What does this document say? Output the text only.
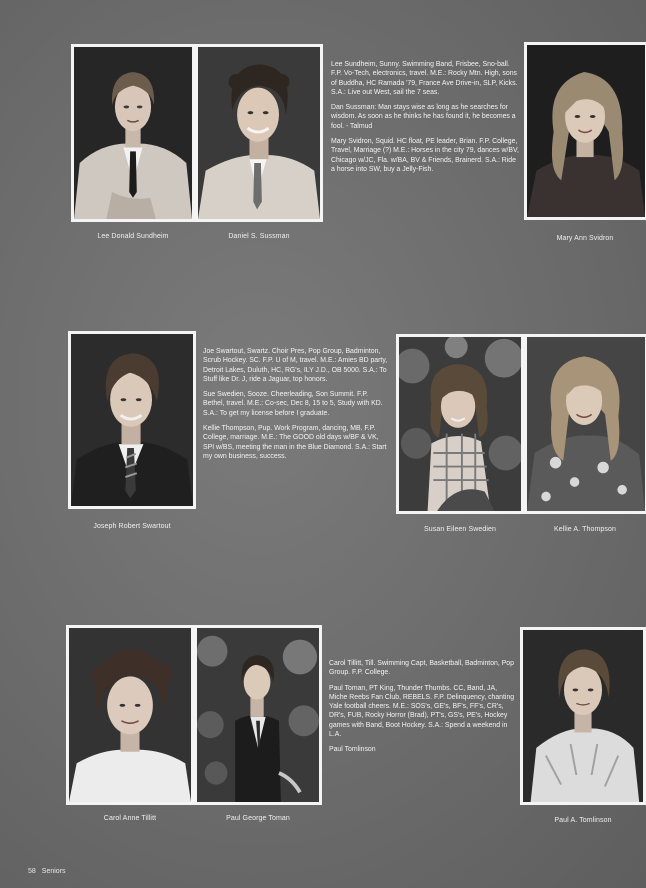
Lee Sundheim, Sunny. Swimming Band, Frisbee, Sno-ball. F.P. Vo-Tech, electronics, travel. M.E.: Rocky Mtn. High, sons of Buddha, HC Ramada '79, France Ave Drive-in, SLP, Kicks. S.A.: Live out West, sail the 7 seas.

Dan Sussman: Man stays wise as long as he searches for wisdom. As soon as he thinks he has found it, he becomes a fool. - Talmud

Mary Svidron, Squid. HC float, PE leader, Brian. F.P. College, Travel, Marriage (?) M.E.: Horses in the city 79, dances w/BV, Chicago w/JC, Fla. w/BA, BV & Friends, Brainerd. S.A.: Ride a horse into SW, buy a Jelly-Fish.

Lee Donald Sundheim	Daniel S. Sussman	Mary Ann Svidron

Joe Swartout, Swartz. Choir Pres, Pop Group, Badminton, Scrub Hockey. SC. F.P. U of M, travel. M.E.: Amies BD party, Detroit Lakes, Duluth, HC, RG's, ILY J.D., OB 5000. S.A.: To Stuff like Dr. J, ride a Jaguar, top honors.

Sue Swedien, Sooze. Cheerleading, Son Summit. F.P. Bethel, travel. M.E.: Co-sec, Dec 8, 15 to 5, Study with KD. S.A.: To get my license before I graduate.

Kellie Thompson, Pup. Work Program, dancing, MB. F.P. College, marriage. M.E.: The GOOD old days w/BF & VK, SPI w/BS, meeting the man in the Blue Diamond. S.A.: Start my own business, success.

Joseph Robert Swartout	Susan Eileen Swedien	Kellie A. Thompson

Carol Tillitt, Till. Swimming Capt, Basketball, Badminton, Pop Group. F.P. College.

Paul Toman, PT King, Thunder Thumbs. CC, Band, JA, Miche Reebs Fan Club, REBELS. F.P. Delinquency, chanting Yale football cheers. M.E.: SOS's, GE's, BF's, FF's, CR's, DR's, FUB, Rocky Horror (Brad), PT's, GS's, PE's, Hockey games with Band, Boot Hockey. S.A.: Spend a weekend in L.A.

Paul Tomlinson

Carol Anne Tillitt	Paul George Toman	Paul A. Tomlinson
58 Seniors
